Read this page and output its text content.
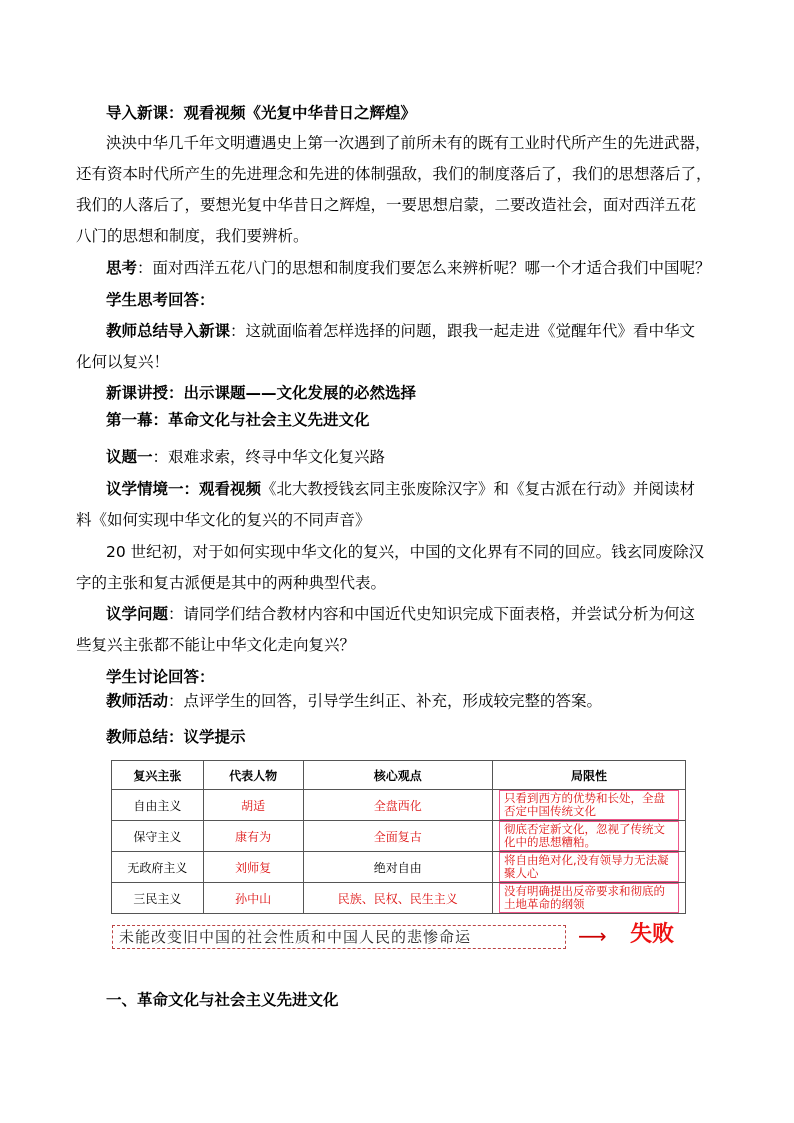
导入新课：观看视频《光复中华昔日之辉煌》
泱泱中华几千年文明遭遇史上第一次遇到了前所未有的既有工业时代所产生的先进武器，
还有资本时代所产生的先进理念和先进的体制强敌，我们的制度落后了，我们的思想落后了，
我们的人落后了，要想光复中华昔日之辉煌，一要思想启蒙，二要改造社会，面对西洋五花
八门的思想和制度，我们要辨析。
思考：面对西洋五花八门的思想和制度我们要怎么来辨析呢？哪一个才适合我们中国呢？
学生思考回答：
教师总结导入新课：这就面临着怎样选择的问题，跟我一起走进《觉醒年代》看中华文
化何以复兴！
新课讲授：出示课题——文化发展的必然选择
第一幕：革命文化与社会主义先进文化
议题一：艰难求索，终寻中华文化复兴路
议学情境一：观看视频《北大教授钱玄同主张废除汉字》和《复古派在行动》并阅读材
料《如何实现中华文化的复兴的不同声音》
20 世纪初，对于如何实现中华文化的复兴，中国的文化界有不同的回应。钱玄同废除汉
字的主张和复古派便是其中的两种典型代表。
议学问题：请同学们结合教材内容和中国近代史知识完成下面表格，并尝试分析为何这
些复兴主张都不能让中华文化走向复兴？
学生讨论回答：
教师活动：点评学生的回答，引导学生纠正、补充，形成较完整的答案。
教师总结：议学提示
复兴主张	代表人物	核心观点	局限性
自由主义	胡适	全盘西化	只看到西方的优势和长处，全盘否定中国传统文化

保守主义	康有为	全面复古	彻底否定新文化，忽视了传统文化中的思想糟粕。

无政府主义	刘师复	绝对自由	将自由绝对化,没有领导力无法凝聚人心

三民主义	孙中山	民族、民权、民生主义	没有明确提出反帝要求和彻底的土地革命的纲领
未能改变旧中国的社会性质和中国人民的悲惨命运	⟶ 失败
一、革命文化与社会主义先进文化
